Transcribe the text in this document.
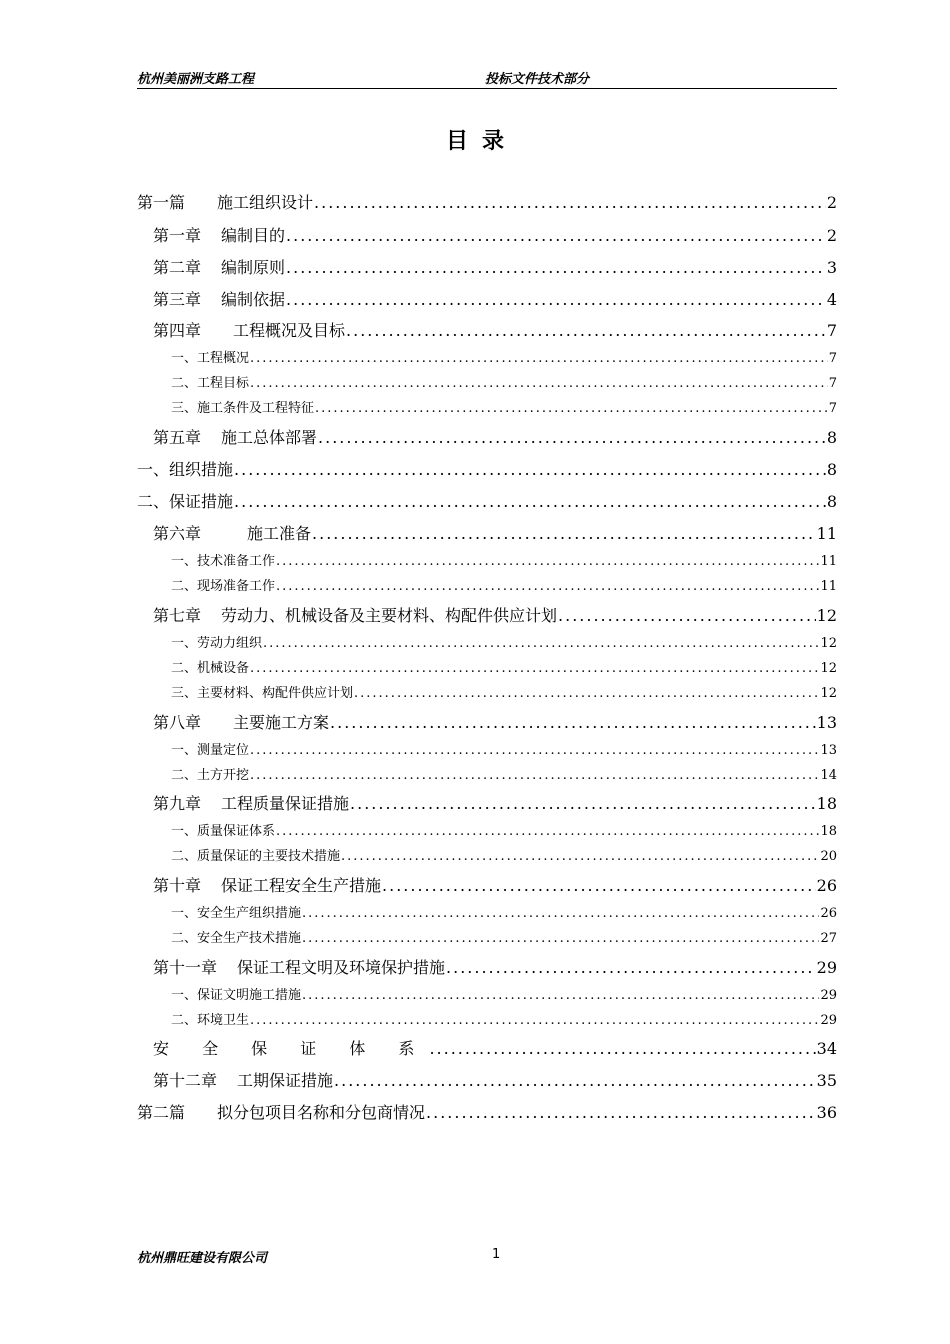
杭州美丽洲支路工程	投标文件技术部分
目录
第一篇 施工组织设计 .....	2
第一章 编制目的 .....	2
第二章 编制原则 .....	3
第三章 编制依据 .....	4
第四章 工程概况及目标 .....	7
一、工程概况 .....	7
二、工程目标 .....	7
三、施工条件及工程特征 .....	7
第五章 施工总体部署 .....	8
一、组织措施 .....	8
二、保证措施 .....	8
第六章	施工准备 .....	11
一、技术准备工作 .....	11
二、现场准备工作 .....	11
第七章 劳动力、机械设备及主要材料、构配件供应计划 .....	12
一、劳动力组织 .....	12
二、机械设备 .....	12
三、主要材料、构配件供应计划 .....	12
第八章 主要施工方案 .....	13
一、测量定位 .....	13
二、土方开挖 .....	14
第九章 工程质量保证措施 .....	18
一、质量保证体系 .....	18
二、质量保证的主要技术措施 .....	20
第十章 保证工程安全生产措施 .....	26
一、安全生产组织措施 .....	26
二、安全生产技术措施 .....	27
第十一章 保证工程文明及环境保护措施 .....	29
一、保证文明施工措施 .....	29
二、环境卫生 .....	29
安 全 保 证 体 系 .....	34
第十二章 工期保证措施 .....	35
第二篇 拟分包项目名称和分包商情况 .....	36
杭州鼎旺建设有限公司	1
